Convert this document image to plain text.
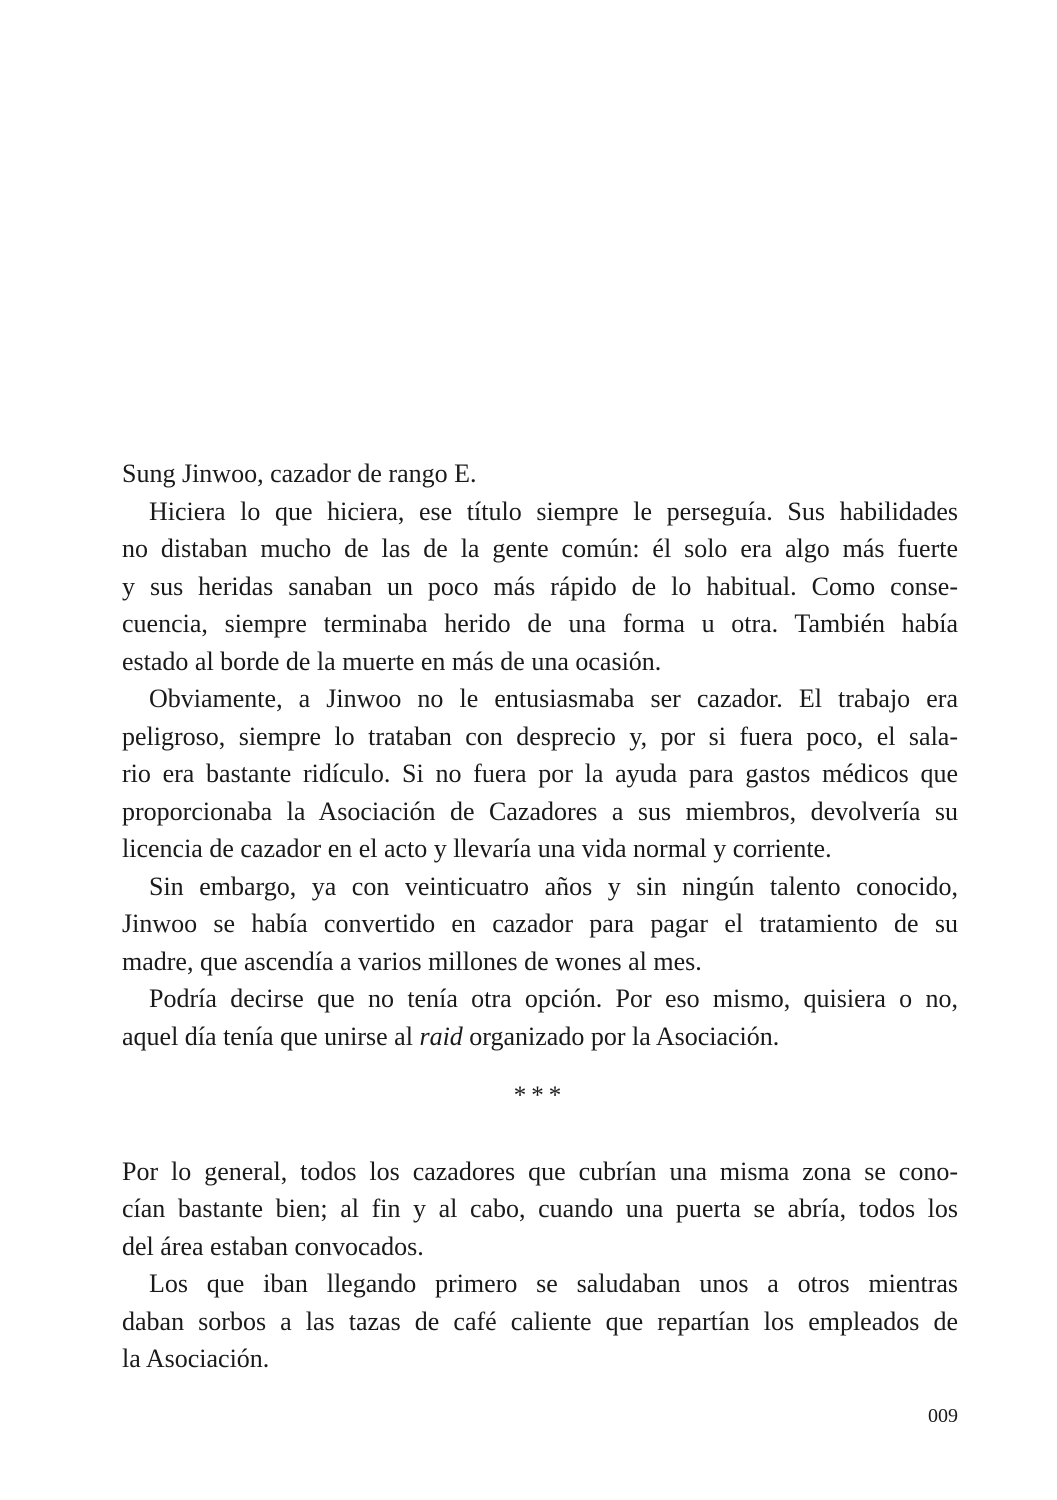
Sung Jinwoo, cazador de rango E.
Hiciera lo que hiciera, ese título siempre le perseguía. Sus habilidades
no distaban mucho de las de la gente común: él solo era algo más fuerte
y sus heridas sanaban un poco más rápido de lo habitual. Como conse-
cuencia, siempre terminaba herido de una forma u otra. También había
estado al borde de la muerte en más de una ocasión.
Obviamente, a Jinwoo no le entusiasmaba ser cazador. El trabajo era
peligroso, siempre lo trataban con desprecio y, por si fuera poco, el sala-
rio era bastante ridículo. Si no fuera por la ayuda para gastos médicos que
proporcionaba la Asociación de Cazadores a sus miembros, devolvería su
licencia de cazador en el acto y llevaría una vida normal y corriente.
Sin embargo, ya con veinticuatro años y sin ningún talento conocido,
Jinwoo se había convertido en cazador para pagar el tratamiento de su
madre, que ascendía a varios millones de wones al mes.
Podría decirse que no tenía otra opción. Por eso mismo, quisiera o no,
aquel día tenía que unirse al raid organizado por la Asociación.
***
Por lo general, todos los cazadores que cubrían una misma zona se cono-
cían bastante bien; al fin y al cabo, cuando una puerta se abría, todos los
del área estaban convocados.
Los que iban llegando primero se saludaban unos a otros mientras
daban sorbos a las tazas de café caliente que repartían los empleados de
la Asociación.
009
